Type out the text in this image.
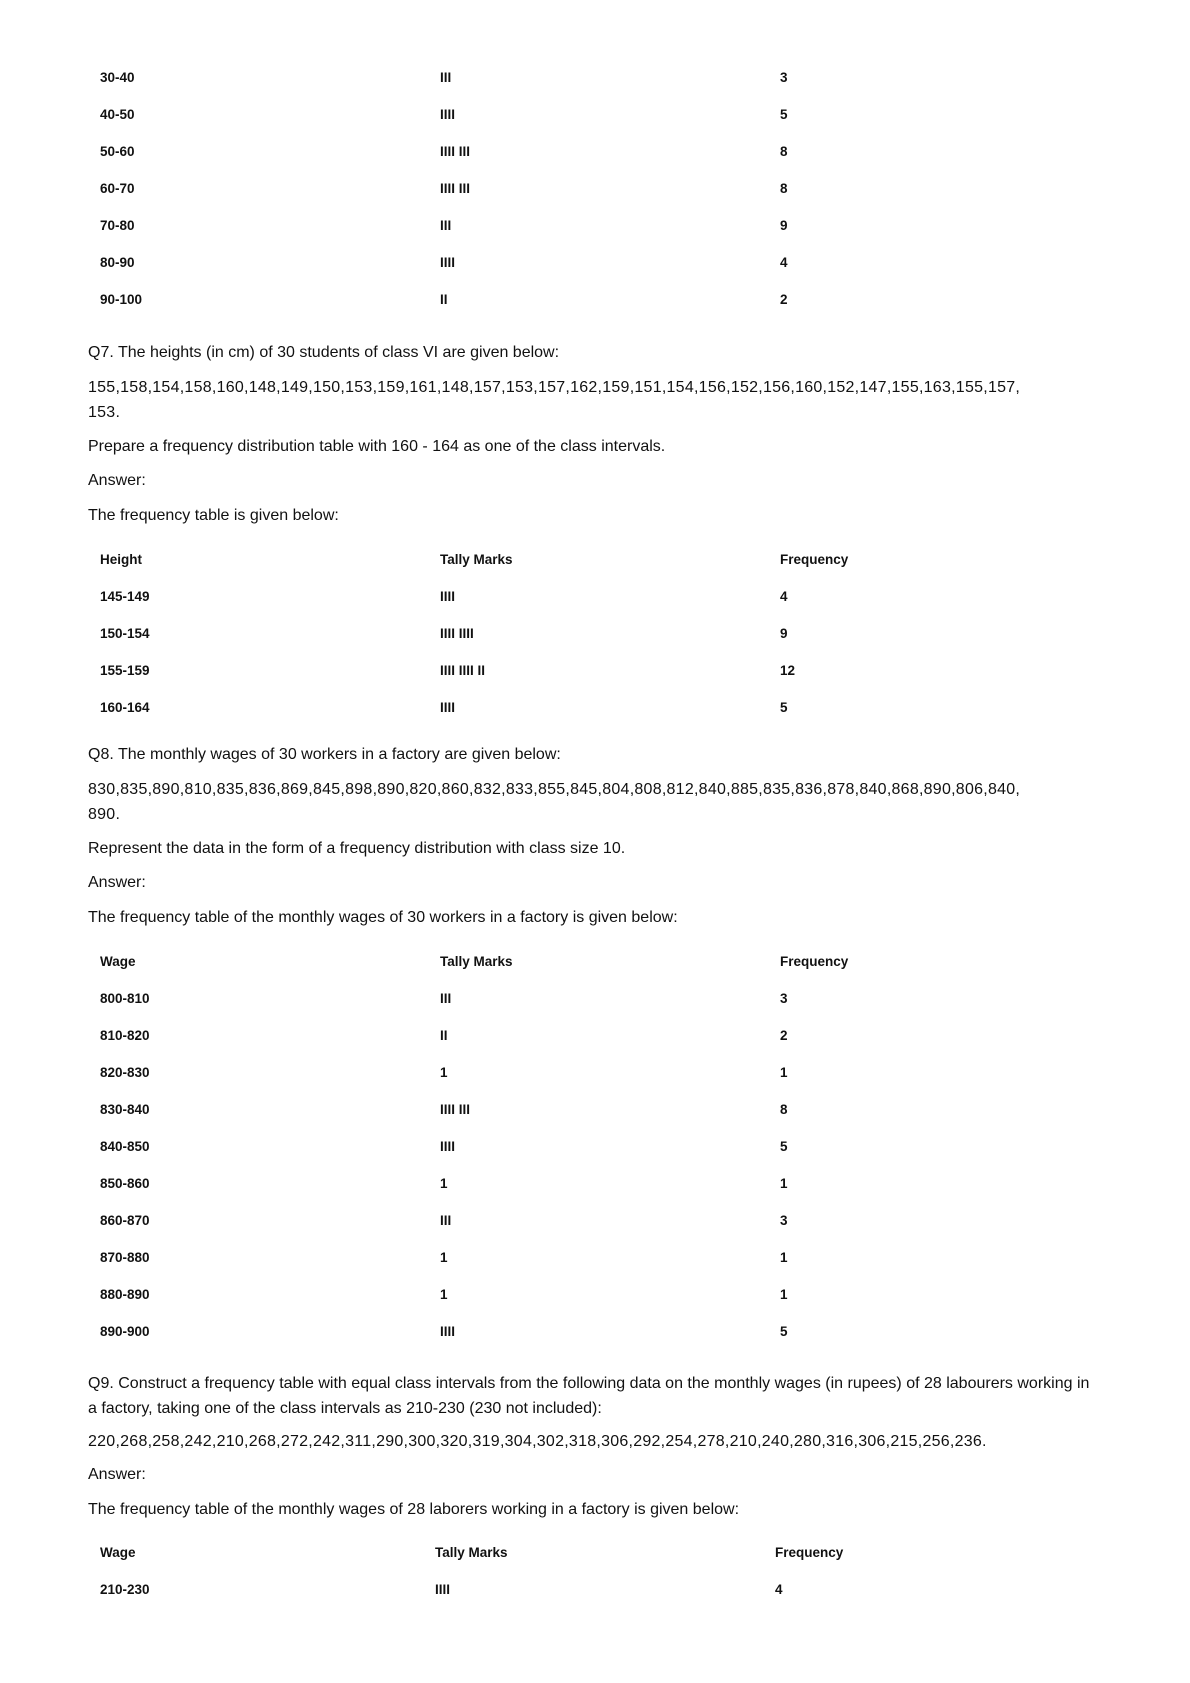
30-40	III	3
40-50	IIII	5
50-60	IIII III	8
60-70	IIII III	8
70-80	III	9
80-90	IIII	4
90-100	II	2
Q7. The heights (in cm) of 30 students of class VI are given below:
155,158,154,158,160,148,149,150,153,159,161,148,157,153,157,162,159,151,154,156,152,156,160,152,147,155,163,155,157,
153.
Prepare a frequency distribution table with 160 - 164 as one of the class intervals.
Answer:
The frequency table is given below:
Height	Tally Marks	Frequency
145-149	IIII	4
150-154	IIII IIII	9
155-159	IIII IIII II	12
160-164	IIII	5
Q8. The monthly wages of 30 workers in a factory are given below:
830,835,890,810,835,836,869,845,898,890,820,860,832,833,855,845,804,808,812,840,885,835,836,878,840,868,890,806,840,
890.
Represent the data in the form of a frequency distribution with class size 10.
Answer:
The frequency table of the monthly wages of 30 workers in a factory is given below:
Wage	Tally Marks	Frequency
800-810	III	3
810-820	II	2
820-830	1	1
830-840	IIII III	8
840-850	IIII	5
850-860	1	1
860-870	III	3
870-880	1	1
880-890	1	1
890-900	IIII	5
Q9. Construct a frequency table with equal class intervals from the following data on the monthly wages (in rupees) of 28 labourers working in
a factory, taking one of the class intervals as 210-230 (230 not included):
220,268,258,242,210,268,272,242,311,290,300,320,319,304,302,318,306,292,254,278,210,240,280,316,306,215,256,236.
Answer:
The frequency table of the monthly wages of 28 laborers working in a factory is given below:
Wage	Tally Marks	Frequency
210-230	IIII	4
